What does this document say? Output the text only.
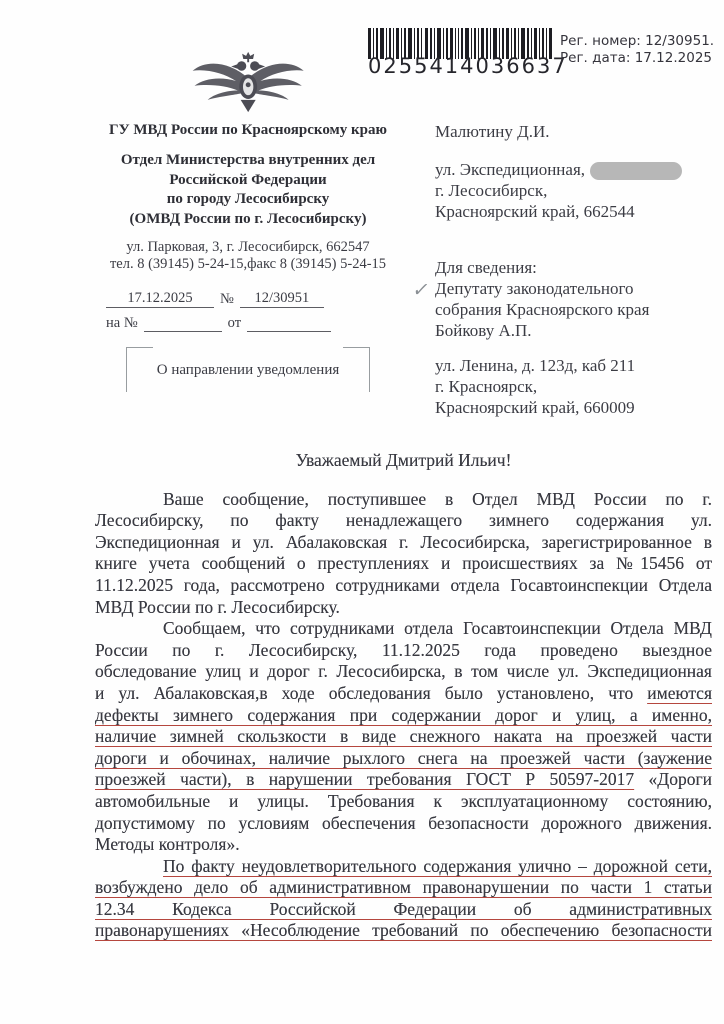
0255414036637
Рег. номер: 12/30951.
Рег. дата: 17.12.2025
ГУ МВД России по Красноярскому краю
Отдел Министерства внутренних дел
Российской Федерации
по городу Лесосибирску
(ОМВД России по г. Лесосибирску)
ул. Парковая, 3, г. Лесосибирск, 662547
тел. 8 (39145) 5-24-15,факс 8 (39145) 5-24-15
17.12.2025	№	12/30951
на №	от
О направлении уведомления
Малютину Д.И.
ул. Экспедиционная,
г. Лесосибирск,
Красноярский край, 662544
✓
Для сведения:
Депутату законодательного
собрания Красноярского края
Бойкову А.П.
ул. Ленина, д. 123д, каб 211
г. Красноярск,
Красноярский край, 660009
Уважаемый Дмитрий Ильич!
Ваше сообщение, поступившее в Отдел МВД России по г.
Лесосибирску, по факту ненадлежащего зимнего содержания ул.
Экспедиционная и ул. Абалаковская г. Лесосибирска, зарегистрированное в
книге учета сообщений о преступлениях и происшествиях за №15456 от
11.12.2025 года, рассмотрено сотрудниками отдела Госавтоинспекции Отдела
МВД России по г. Лесосибирску.
Сообщаем, что сотрудниками отдела Госавтоинспекции Отдела МВД
России по г. Лесосибирску, 11.12.2025 года проведено выездное
обследование улиц и дорог г. Лесосибирска, в том числе ул. Экспедиционная
и ул. Абалаковская,в ходе обследования было установлено, что имеются
дефекты зимнего содержания при содержании дорог и улиц, а именно,
наличие зимней скользкости в виде снежного наката на проезжей части
дороги и обочинах, наличие рыхлого снега на проезжей части (заужение
проезжей части), в нарушении требования ГОСТ Р 50597-2017 «Дороги
автомобильные и улицы. Требования к эксплуатационному состоянию,
допустимому по условиям обеспечения безопасности дорожного движения.
Методы контроля».
По факту неудовлетворительного содержания улично – дорожной сети,
возбуждено дело об административном правонарушении по части 1 статьи
12.34 Кодекса Российской Федерации об административных
правонарушениях «Несоблюдение требований по обеспечению безопасности
